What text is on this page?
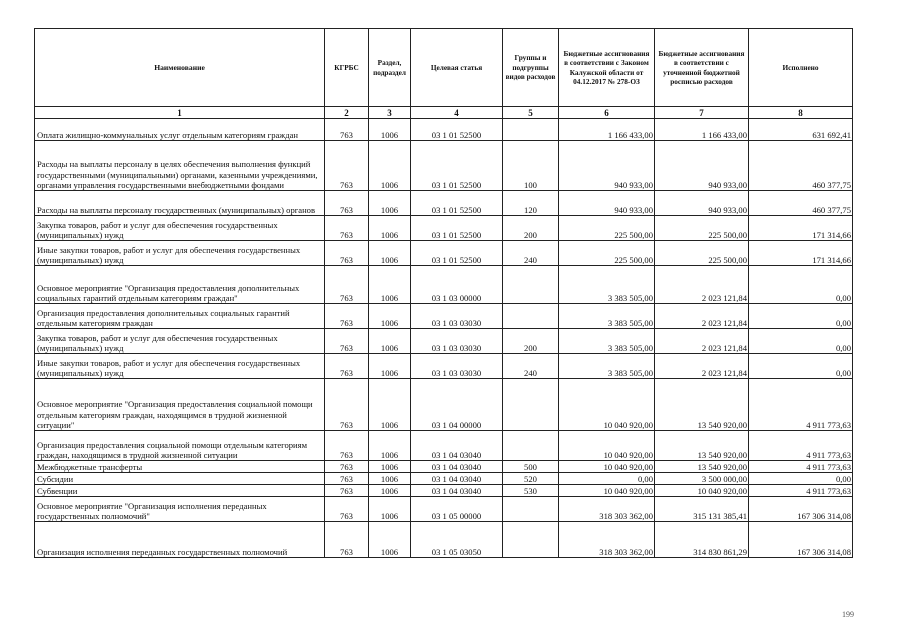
Наименование	КГРБС	Раздел, подраздел	Целевая статья	Группы и подгруппы видов расходов	Бюджетные ассигнования в соответствии с Законом Калужской области от 04.12.2017 № 278-ОЗ	Бюджетные ассигнования в соответствии с уточненной бюджетной росписью расходов	Исполнено
1	2	3	4	5	6	7	8
Оплата жилищно-коммунальных услуг отдельным категориям граждан	763	1006	03 1 01 52500		1 166 433,00	1 166 433,00	631 692,41
Расходы на выплаты персоналу в целях обеспечения выполнения функций государственными (муниципальными) органами, казенными учреждениями, органами управления государственными внебюджетными фондами	763	1006	03 1 01 52500	100	940 933,00	940 933,00	460 377,75
Расходы на выплаты персоналу государственных (муниципальных) органов	763	1006	03 1 01 52500	120	940 933,00	940 933,00	460 377,75
Закупка товаров, работ и услуг для обеспечения государственных (муниципальных) нужд	763	1006	03 1 01 52500	200	225 500,00	225 500,00	171 314,66
Иные закупки товаров, работ и услуг для обеспечения государственных (муниципальных) нужд	763	1006	03 1 01 52500	240	225 500,00	225 500,00	171 314,66
Основное мероприятие "Организация предоставления дополнительных социальных гарантий отдельным категориям граждан"	763	1006	03 1 03 00000		3 383 505,00	2 023 121,84	0,00
Организация предоставления дополнительных социальных гарантий отдельным категориям граждан	763	1006	03 1 03 03030		3 383 505,00	2 023 121,84	0,00
Закупка товаров, работ и услуг для обеспечения государственных (муниципальных) нужд	763	1006	03 1 03 03030	200	3 383 505,00	2 023 121,84	0,00
Иные закупки товаров, работ и услуг для обеспечения государственных (муниципальных) нужд	763	1006	03 1 03 03030	240	3 383 505,00	2 023 121,84	0,00
Основное мероприятие "Организация предоставления социальной помощи отдельным категориям граждан, находящимся в трудной жизненной ситуации"	763	1006	03 1 04 00000		10 040 920,00	13 540 920,00	4 911 773,63
Организация предоставления социальной помощи отдельным категориям граждан, находящимся в трудной жизненной ситуации	763	1006	03 1 04 03040		10 040 920,00	13 540 920,00	4 911 773,63
Межбюджетные трансферты	763	1006	03 1 04 03040	500	10 040 920,00	13 540 920,00	4 911 773,63
Субсидии	763	1006	03 1 04 03040	520	0,00	3 500 000,00	0,00
Субвенции	763	1006	03 1 04 03040	530	10 040 920,00	10 040 920,00	4 911 773,63
Основное мероприятие "Организация исполнения переданных государственных полномочий"	763	1006	03 1 05 00000		318 303 362,00	315 131 385,41	167 306 314,08
Организация исполнения переданных государственных полномочий	763	1006	03 1 05 03050		318 303 362,00	314 830 861,29	167 306 314,08
199
